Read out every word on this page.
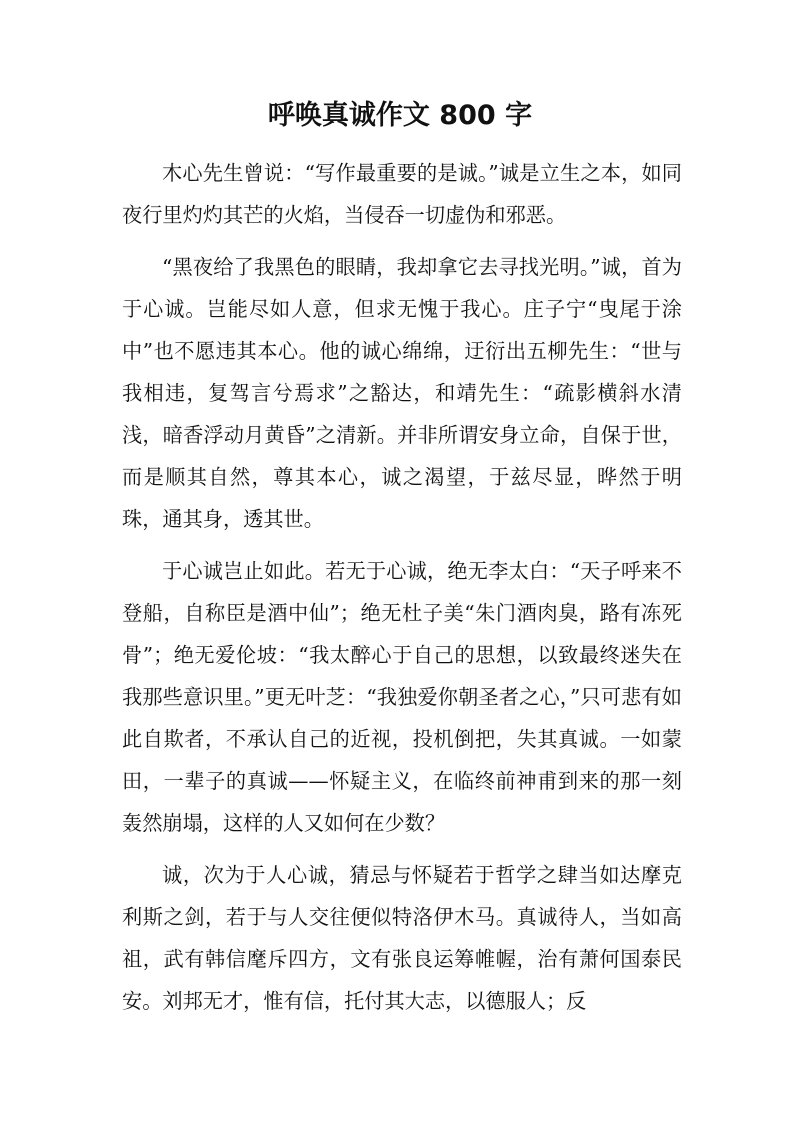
呼唤真诚作文 800 字

木心先生曾说：“写作最重要的是诚。”诚是立生之本，如同夜行里灼灼其芒的火焰，当侵吞一切虚伪和邪恶。

“黑夜给了我黑色的眼睛，我却拿它去寻找光明。”诚，首为于心诚。岂能尽如人意，但求无愧于我心。庄子宁“曳尾于涂中”也不愿违其本心。他的诚心绵绵，迂衍出五柳先生：“世与我相违，复驾言兮焉求”之豁达，和靖先生：“疏影横斜水清浅，暗香浮动月黄昏”之清新。并非所谓安身立命，自保于世，而是顺其自然，尊其本心，诚之渴望，于兹尽显，晔然于明珠，通其身，透其世。

于心诚岂止如此。若无于心诚，绝无李太白：“天子呼来不登船，自称臣是酒中仙”；绝无杜子美“朱门酒肉臭，路有冻死骨”；绝无爱伦坡：“我太醉心于自己的思想，以致最终迷失在我那些意识里。”更无叶芝：“我独爱你朝圣者之心，”只可悲有如此自欺者，不承认自己的近视，投机倒把，失其真诚。一如蒙田，一辈子的真诚——怀疑主义，在临终前神甫到来的那一刻轰然崩塌，这样的人又如何在少数？

诚，次为于人心诚，猜忌与怀疑若于哲学之肆当如达摩克利斯之剑，若于与人交往便似特洛伊木马。真诚待人，当如高祖，武有韩信麾斥四方，文有张良运筹帷幄，治有萧何国泰民安。刘邦无才，惟有信，托付其大志，以德服人；反
